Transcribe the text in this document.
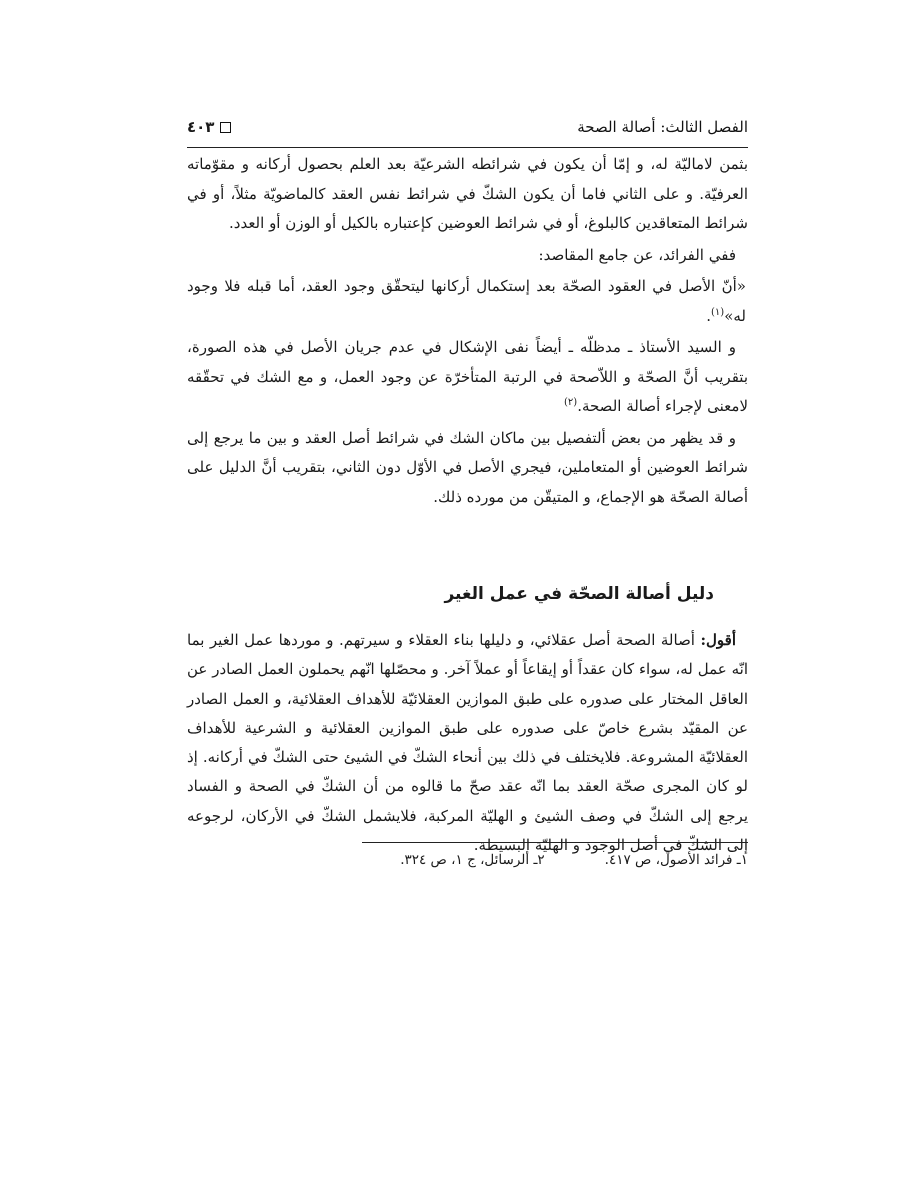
الفصل الثالث: أصالة الصحة
٤٠٣

بثمن لاماليّة له، و إمّا أن يكون في شرائطه الشرعيّة بعد العلم بحصول أركانه و مقوّماته العرفيّة. و على الثاني فاما أن يكون الشكّ في شرائط نفس العقد كالماضويّة مثلاً، أو في شرائط المتعاقدين كالبلوغ، أو في شرائط العوضين كإعتباره بالكيل أو الوزن أو العدد.

ففي الفرائد، عن جامع المقاصد:

«أنّ الأصل في العقود الصحّة بعد إستكمال أركانها ليتحقّق وجود العقد، أما قبله فلا وجود له»$^{(١)}$.

و السيد الأستاذ ـ مدظلّه ـ أيضاً نفى الإشكال في عدم جريان الأصل في هذه الصورة، بتقريب أنَّ الصحّة و اللاّصحة في الرتبة المتأخرّة عن وجود العمل، و مع الشك في تحقّقه لامعنى لإجراء أصالة الصحة.$^{(٢)}$

و قد يظهر من بعض ألتفصيل بين ماكان الشك في شرائط أصل العقد و بين ما يرجع إلى شرائط العوضين أو المتعاملين، فيجري الأصل في الأوّل دون الثاني، بتقريب أنَّ الدليل على أصالة الصحّة هو الإجماع، و المتيقّن من مورده ذلك.

دليل أصالة الصحّة في عمل الغير

أقول: أصالة الصحة أصل عقلائي، و دليلها بناء العقلاء و سيرتهم. و موردها عمل الغير بما انّه عمل له، سواء كان عقداً أو إيقاعاً أو عملاً آخر. و محصّلها انّهم يحملون العمل الصادر عن العاقل المختار على صدوره على طبق الموازين العقلائيّة للأهداف العقلائية، و العمل الصادر عن المقيّد بشرع خاصّ على صدوره على طبق الموازين العقلائية و الشرعية للأهداف العقلائيّة المشروعة. فلايختلف في ذلك بين أنحاء الشكّ في الشيئ حتى الشكّ في أركانه. إذ لو كان المجرى صحّة العقد بما انّه عقد صحّ ما قالوه من أن الشكّ في الصحة و الفساد يرجع إلى الشكّ في وصف الشيئ و الهليّة المركبة، فلايشمل الشكّ في الأركان، لرجوعه إلى الشكّ في أصل الوجود و الهليّة البسيطة.

١ـ فرائد الأصول، ص ٤١٧.
٢ـ ألرسائل، ج ١، ص ٣٢٤.
